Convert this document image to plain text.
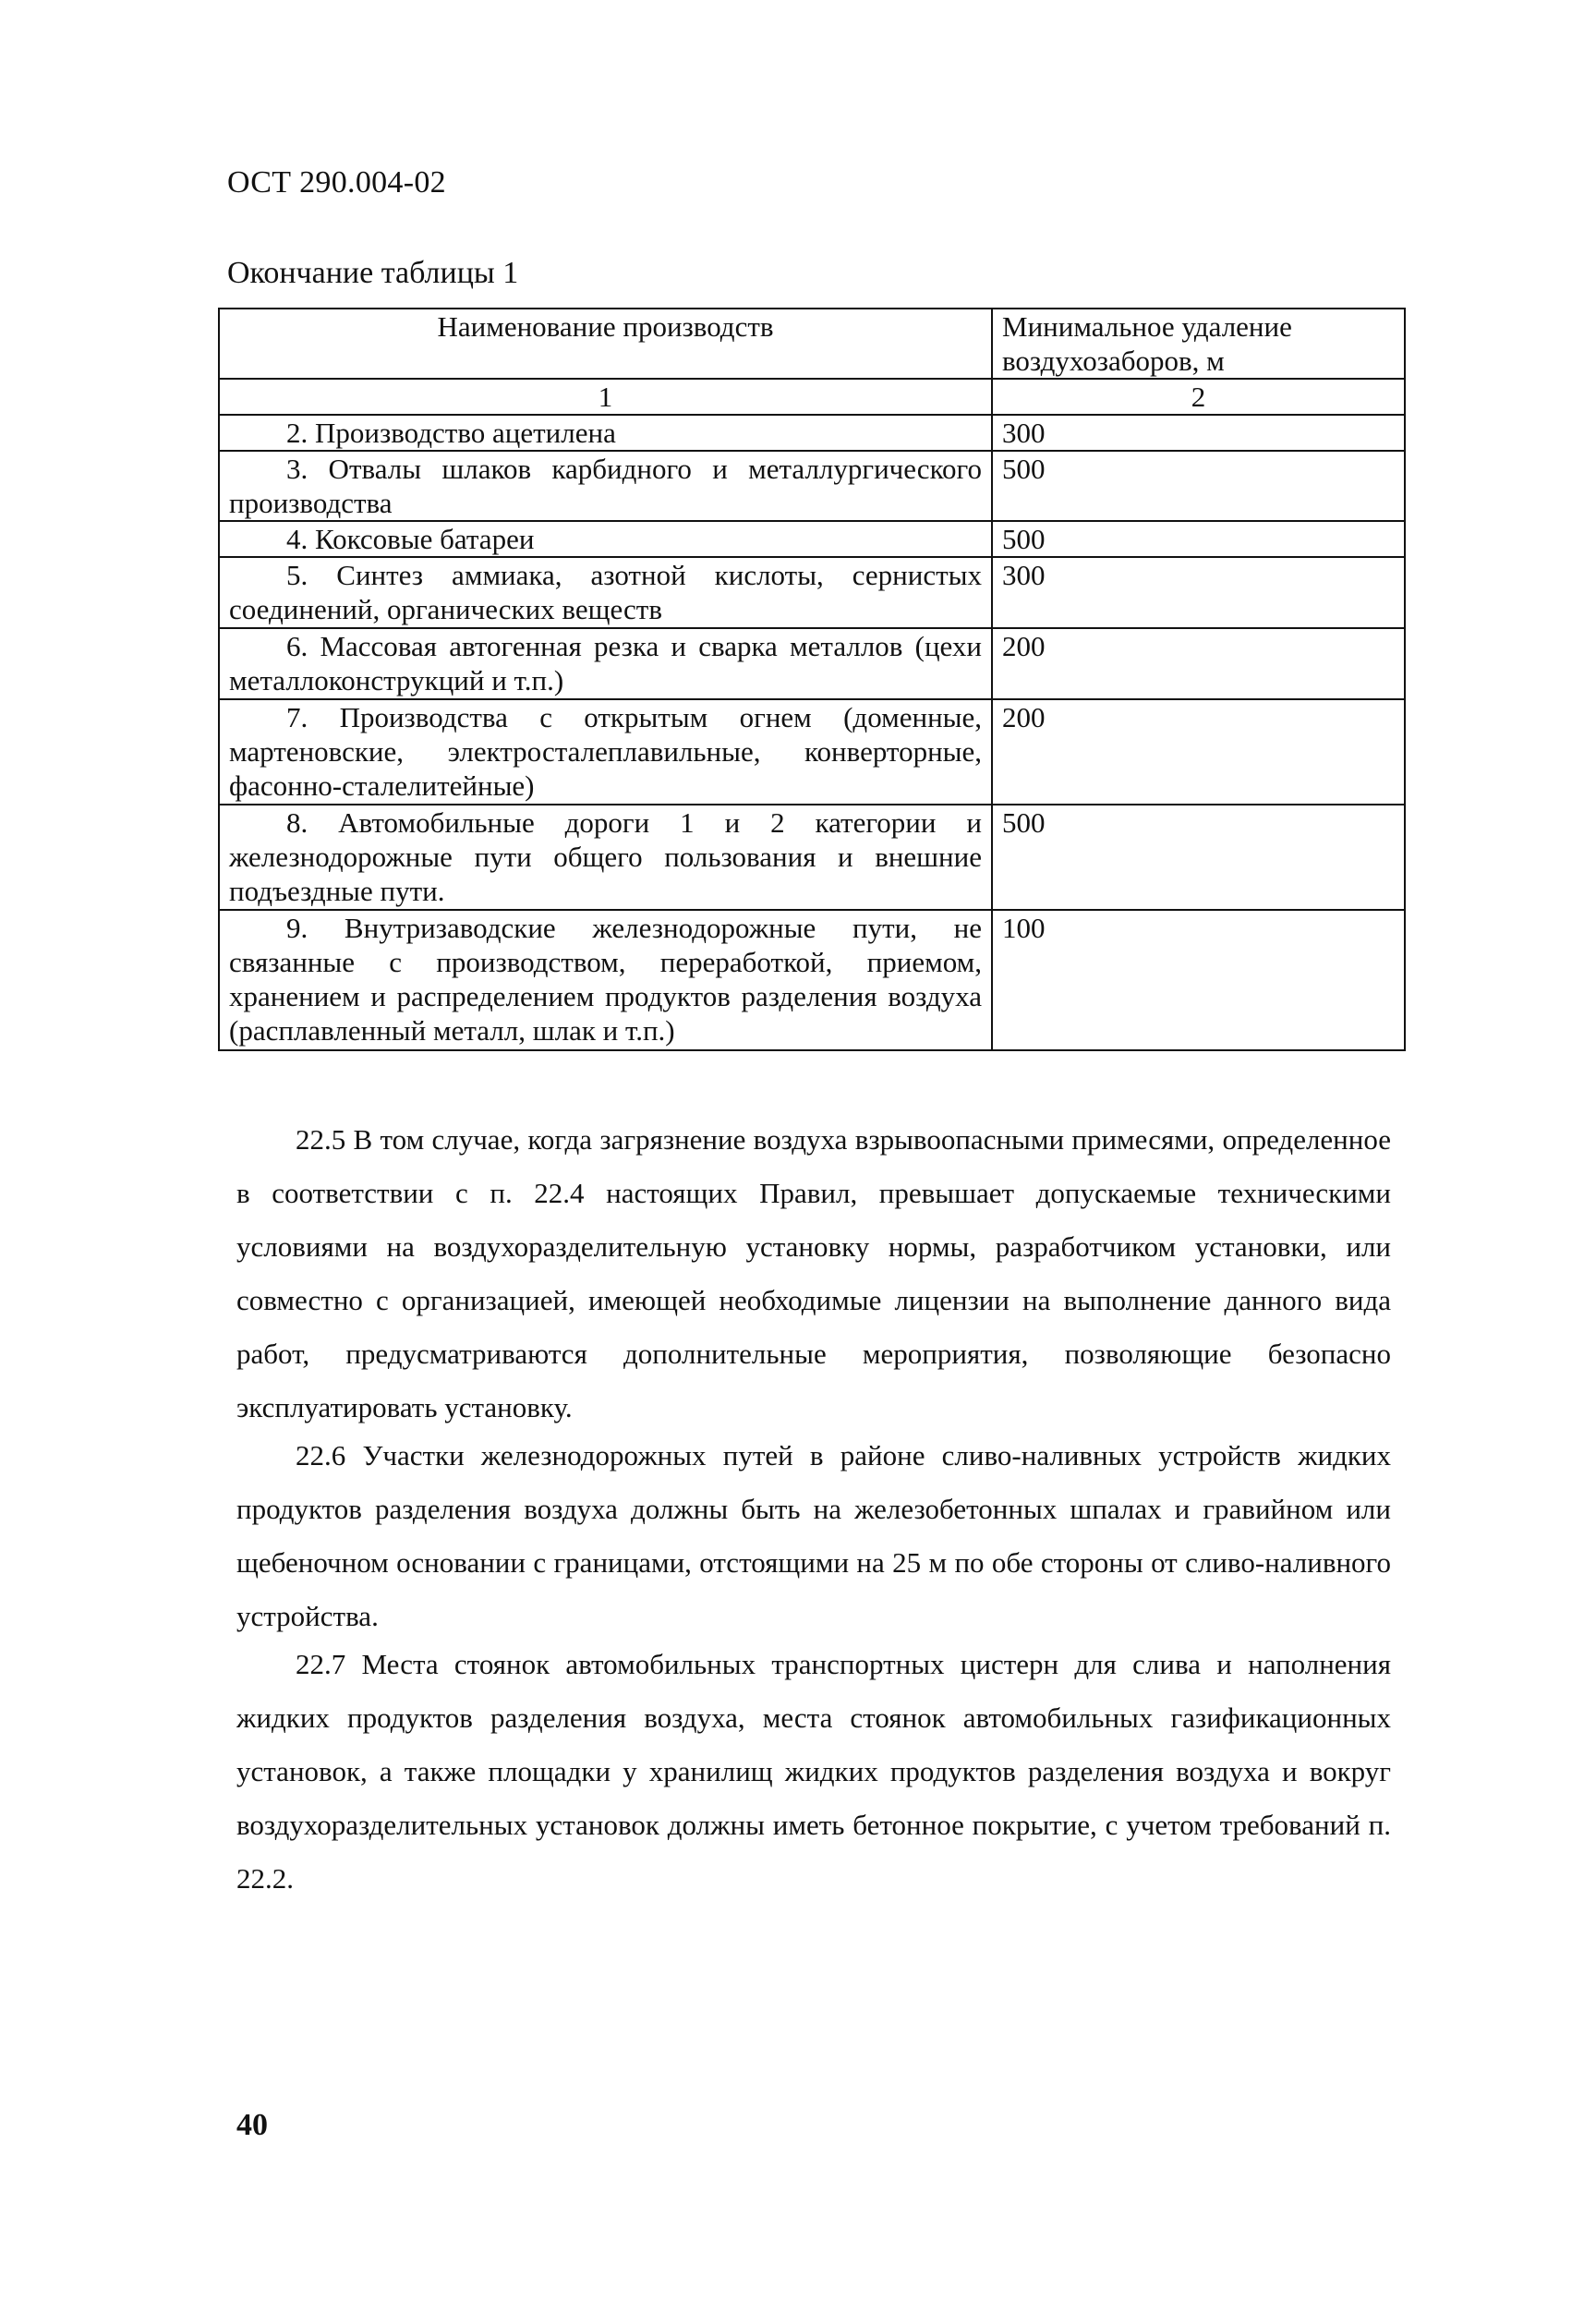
ОСТ 290.004-02
Окончание таблицы 1
Наименование производств	Минимальное удаление воздухозаборов, м
1	2

2. Производство ацетилена	300

3. Отвалы шлаков карбидного и металлургического производства	500

4. Коксовые батареи	500

5. Синтез аммиака, азотной кислоты, сернистых соединений, органических веществ	300

6. Массовая автогенная резка и сварка металлов (цехи металлоконструкций и т.п.)	200

7. Производства с открытым огнем (доменные, мартеновские, электросталеплавильные, конверторные, фасонно-сталелитейные)	200

8. Автомобильные дороги 1 и 2 категории и железнодорожные пути общего пользования и внешние подъездные пути.	500

9. Внутризаводские железнодорожные пути, не связанные с производством, переработкой, приемом, хранением и распределением продуктов разделения воздуха (расплавленный металл, шлак и т.п.)	100

22.5 В том случае, когда загрязнение воздуха взрывоопасными примесями, определенное в соответствии с п. 22.4 настоящих Правил, превышает допускаемые техническими условиями на воздухоразделительную установку нормы, разработчиком установки, или совместно с организацией, имеющей необходимые лицензии на выполнение данного вида работ, предусматриваются дополнительные мероприятия, позволяющие безопасно эксплуатировать установку.

22.6 Участки железнодорожных путей в районе сливо-наливных устройств жидких продуктов разделения воздуха должны быть на железобетонных шпалах и гравийном или щебеночном основании с границами, отстоящими на 25 м по обе стороны от сливо-наливного устройства.

22.7 Места стоянок автомобильных транспортных цистерн для слива и наполнения жидких продуктов разделения воздуха, места стоянок автомобильных газификационных установок, а также площадки у хранилищ жидких продуктов разделения воздуха и вокруг воздухоразделительных установок должны иметь бетонное покрытие, с учетом требований п. 22.2.

40
